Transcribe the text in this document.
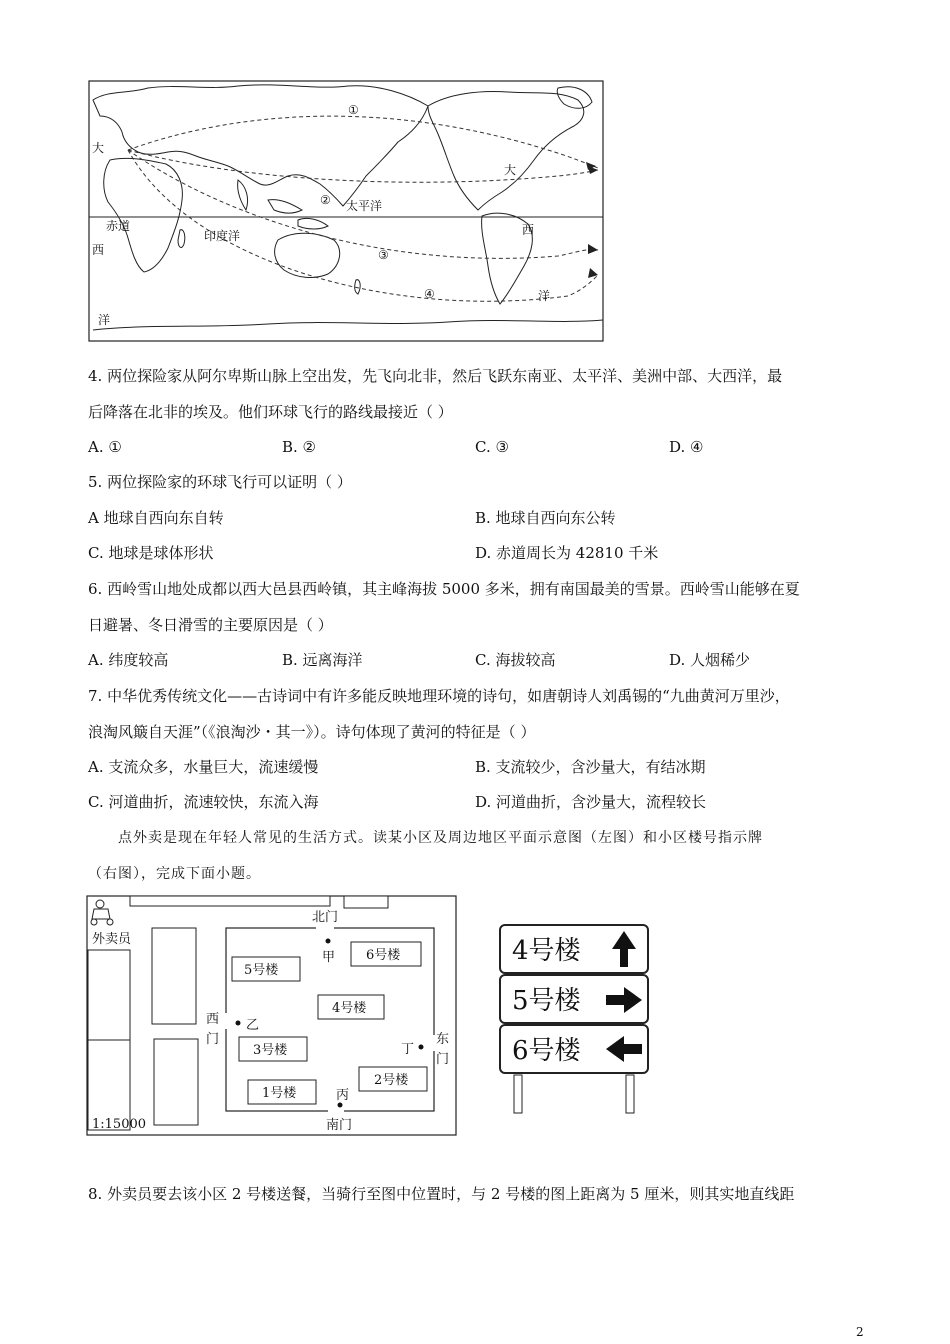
①
②
③
④
大
西
洋
赤道
印度洋
太平洋
大
西
洋
4. 两位探险家从阿尔卑斯山脉上空出发，先飞向北非，然后飞跃东南亚、太平洋、美洲中部、大西洋，最
后降落在北非的埃及。他们环球飞行的路线最接近（ ）
A. ①	B. ②	C. ③	D. ④
5. 两位探险家的环球飞行可以证明（ ）
A 地球自西向东自转	B. 地球自西向东公转
C. 地球是球体形状	D. 赤道周长为 42810 千米
6. 西岭雪山地处成都以西大邑县西岭镇，其主峰海拔 5000 多米，拥有南国最美的雪景。西岭雪山能够在夏
日避暑、冬日滑雪的主要原因是（ ）
A. 纬度较高	B. 远离海洋	C. 海拔较高	D. 人烟稀少
7. 中华优秀传统文化——古诗词中有许多能反映地理环境的诗句，如唐朝诗人刘禹锡的“九曲黄河万里沙，
浪淘风簸自天涯”（《浪淘沙・其一》）。诗句体现了黄河的特征是（ ）
A. 支流众多，水量巨大，流速缓慢	B. 支流较少，含沙量大，有结冰期
C. 河道曲折，流速较快，东流入海	D. 河道曲折，含沙量大，流程较长
点外卖是现在年轻人常见的生活方式。读某小区及周边地区平面示意图（左图）和小区楼号指示牌
（右图），完成下面小题。
外卖员
北门
南门
西
门	东
门
甲
乙
丙
丁
5号楼
6号楼
4号楼
3号楼
2号楼
1号楼
1:15000
4号楼
5号楼
6号楼
8. 外卖员要去该小区 2 号楼送餐，当骑行至图中位置时，与 2 号楼的图上距离为 5 厘米，则其实地直线距
2
